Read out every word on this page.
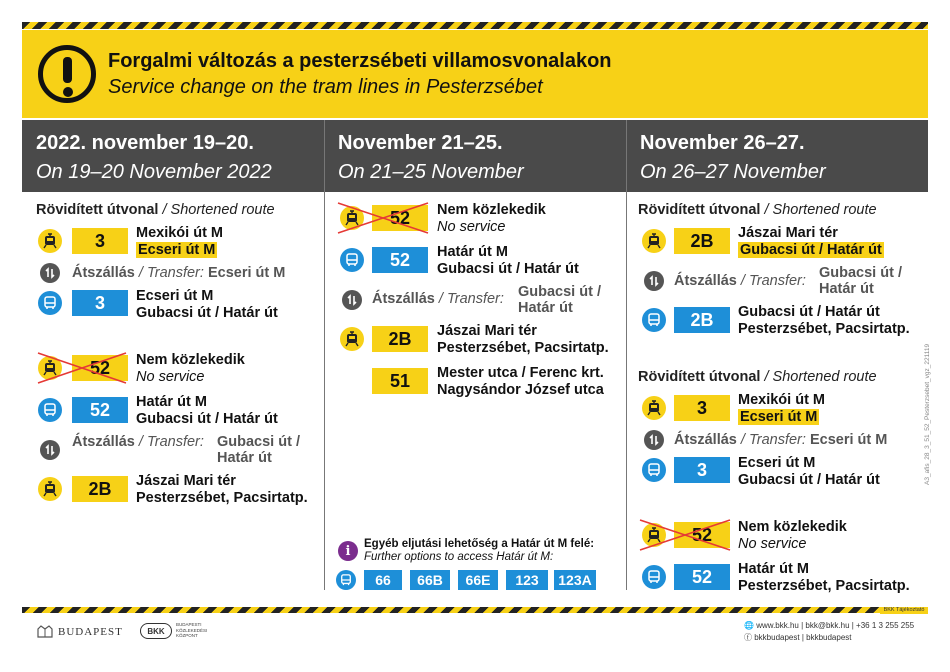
Forgalmi változás a pesterzsébeti villamosvonalakon
Service change on the tram lines in Pesterzsébet
2022. november 19–20.
On 19–20 November 2022
November 21–25.
On 21–25 November
November 26–27.
On 26–27 November
Rövidített útvonal / Shortened route
3	Mexikói út M
Ecseri út M
Átszállás / Transfer: Ecseri út M
3	Ecseri út M
Gubacsi út / Határ út
52	Nem közlekedik
No service
52	Határ út M
Gubacsi út / Határ út
Átszállás / Transfer: Gubacsi út /
Határ út
2B	Jászai Mari tér
Pesterzsébet, Pacsirtatp.
52	Nem közlekedik
No service
52	Határ út M
Gubacsi út / Határ út
Átszállás / Transfer: Gubacsi út /
Határ út
2B	Jászai Mari tér
Pesterzsébet, Pacsirtatp.
51	Mester utca / Ferenc krt.
Nagysándor József utca
i	Egyéb eljutási lehetőség a Határ út M felé:
Further options to access Határ út M:
66	66B	66E	123	123A
Rövidített útvonal / Shortened route
2B	Jászai Mari tér
Gubacsi út / Határ út
Átszállás / Transfer: Gubacsi út /
Határ út
2B	Gubacsi út / Határ út
Pesterzsébet, Pacsirtatp.
Rövidített útvonal / Shortened route
3	Mexikói út M
Ecseri út M
Átszállás / Transfer: Ecseri út M
3	Ecseri út M
Gubacsi út / Határ út
52	Nem közlekedik
No service
52	Határ út M
Pesterzsébet, Pacsirtatp.
A3_afis_28_3_51_52_Pesterzsebet_vgz_221119
BKK Tájékoztató
BUDAPEST	BKK
BUDAPESTI
KÖZLEKEDÉSI
KÖZPONT
🌐 www.bkk.hu | bkk@bkk.hu | +36 1 3 255 255
ⓕ bkkbudapest | bkkbudapest
